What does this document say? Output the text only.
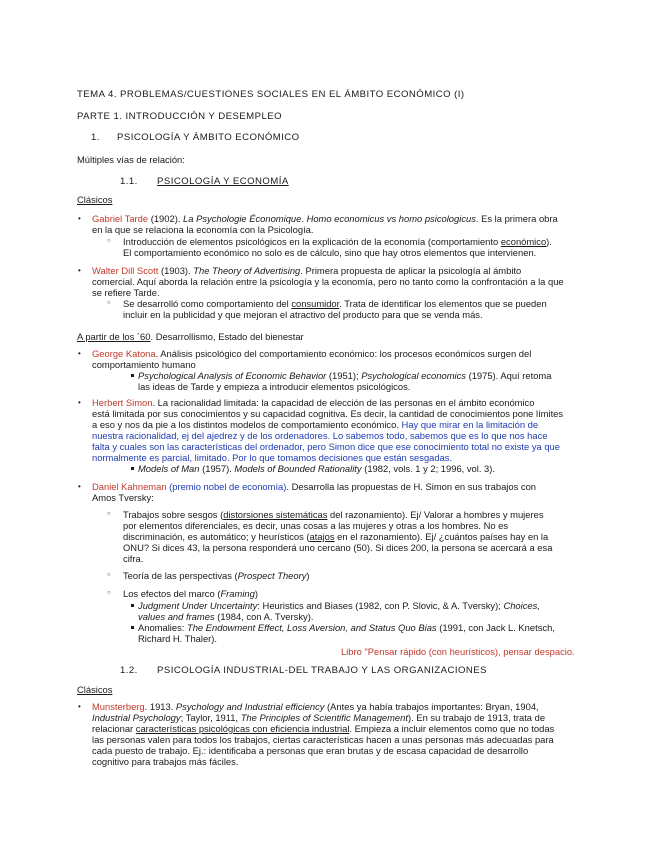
TEMA 4. PROBLEMAS/CUESTIONES SOCIALES EN EL ÁMBITO ECONÓMICO (I)
PARTE 1. INTRODUCCIÓN Y DESEMPLEO
1. PSICOLOGÍA Y ÁMBITO ECONÓMICO
Múltiples vías de relación:
1.1. PSICOLOGÍA Y ECONOMÍA
Clásicos
• Gabriel Tarde (1902). La Psychologie Économique. Homo economicus vs homo psicologicus. Es la primera obra
en la que se relaciona la economía con la Psicología.
○ Introducción de elementos psicológicos en la explicación de la economía (comportamiento económico).
El comportamiento económico no solo es de cálculo, sino que hay otros elementos que intervienen.
• Walter Dill Scott (1903). The Theory of Advertising. Primera propuesta de aplicar la psicología al ámbito
comercial. Aquí aborda la relación entre la psicología y la economía, pero no tanto como la confrontación a la que
se refiere Tarde.
○ Se desarrolló como comportamiento del consumidor. Trata de identificar los elementos que se pueden
incluir en la publicidad y que mejoran el atractivo del producto para que se venda más.
A partir de los `60. Desarrollismo, Estado del bienestar
• George Katona. Análisis psicológico del comportamiento económico: los procesos económicos surgen del
comportamiento humano
Psychological Analysis of Economic Behavior (1951); Psychological economics (1975). Aquí retoma
las ideas de Tarde y empieza a introducir elementos psicológicos.
• Herbert Simon. La racionalidad limitada: la capacidad de elección de las personas en el ámbito económico
está limitada por sus conocimientos y su capacidad cognitiva. Es decir, la cantidad de conocimientos pone límites
a eso y nos da pie a los distintos modelos de comportamiento económico. Hay que mirar en la limitación de
nuestra racionalidad, ej del ajedrez y de los ordenadores. Lo sabemos todo, sabemos que es lo que nos hace
falta y cuales son las características del ordenador, pero Simon dice que ese conocimiento total no existe ya que
normalmente es parcial, limitado. Por lo que tomamos decisiones que están sesgadas.
Models of Man (1957). Models of Bounded Rationality (1982, vols. 1 y 2; 1996, vol. 3).
• Daniel Kahneman (premio nobel de economía). Desarrolla las propuestas de H. Simon en sus trabajos con
Amos Tversky:
○ Trabajos sobre sesgos (distorsiones sistemáticas del razonamiento). Ej/ Valorar a hombres y mujeres
por elementos diferenciales, es decir, unas cosas a las mujeres y otras a los hombres. No es
discriminación, es automático; y heurísticos (atajos en el razonamiento). Ej/ ¿cuántos países hay en la
ONU? Si dices 43, la persona responderá uno cercano (50). Si dices 200, la persona se acercará a esa
cifra.
○ Teoría de las perspectivas (Prospect Theory)
○ Los efectos del marco (Framing)
Judgment Under Uncertainty: Heuristics and Biases (1982, con P. Slovic, & A. Tversky); Choices,
values and frames (1984, con A. Tversky).
Anomalies: The Endowment Effect, Loss Aversion, and Status Quo Bias (1991, con Jack L. Knetsch,
Richard H. Thaler).
Libro "Pensar rápido (con heurísticos), pensar despacio.
1.2. PSICOLOGÍA INDUSTRIAL-DEL TRABAJO Y LAS ORGANIZACIONES
Clásicos
• Munsterberg. 1913. Psychology and Industrial efficiency (Antes ya había trabajos importantes: Bryan, 1904,
Industrial Psychology; Taylor, 1911, The Principles of Scientific Management). En su trabajo de 1913, trata de
relacionar características psicológicas con eficiencia industrial. Empieza a incluir elementos como que no todas
las personas valen para todos los trabajos, ciertas características hacen a unas personas más adecuadas para
cada puesto de trabajo. Ej.: identificaba a personas que eran brutas y de escasa capacidad de desarrollo
cognitivo para trabajos más fáciles.
